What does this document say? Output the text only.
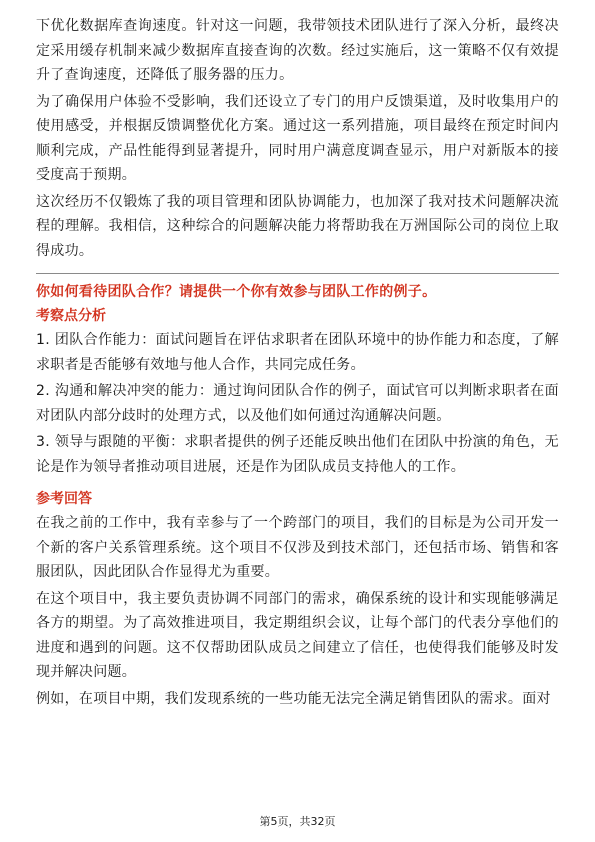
下优化数据库查询速度。针对这一问题，我带领技术团队进行了深入分析，最终决定采用缓存机制来减少数据库直接查询的次数。经过实施后，这一策略不仅有效提升了查询速度，还降低了服务器的压力。

为了确保用户体验不受影响，我们还设立了专门的用户反馈渠道，及时收集用户的使用感受，并根据反馈调整优化方案。通过这一系列措施，项目最终在预定时间内顺利完成，产品性能得到显著提升，同时用户满意度调查显示，用户对新版本的接受度高于预期。

这次经历不仅锻炼了我的项目管理和团队协调能力，也加深了我对技术问题解决流程的理解。我相信，这种综合的问题解决能力将帮助我在万洲国际公司的岗位上取得成功。

你如何看待团队合作？请提供一个你有效参与团队工作的例子。
考察点分析

1. 团队合作能力：面试问题旨在评估求职者在团队环境中的协作能力和态度，了解求职者是否能够有效地与他人合作，共同完成任务。

2. 沟通和解决冲突的能力：通过询问团队合作的例子，面试官可以判断求职者在面对团队内部分歧时的处理方式，以及他们如何通过沟通解决问题。

3. 领导与跟随的平衡：求职者提供的例子还能反映出他们在团队中扮演的角色，无论是作为领导者推动项目进展，还是作为团队成员支持他人的工作。

参考回答

在我之前的工作中，我有幸参与了一个跨部门的项目，我们的目标是为公司开发一个新的客户关系管理系统。这个项目不仅涉及到技术部门，还包括市场、销售和客服团队，因此团队合作显得尤为重要。

在这个项目中，我主要负责协调不同部门的需求，确保系统的设计和实现能够满足各方的期望。为了高效推进项目，我定期组织会议，让每个部门的代表分享他们的进度和遇到的问题。这不仅帮助团队成员之间建立了信任，也使得我们能够及时发现并解决问题。

例如，在项目中期，我们发现系统的一些功能无法完全满足销售团队的需求。面对

第5页，共32页
